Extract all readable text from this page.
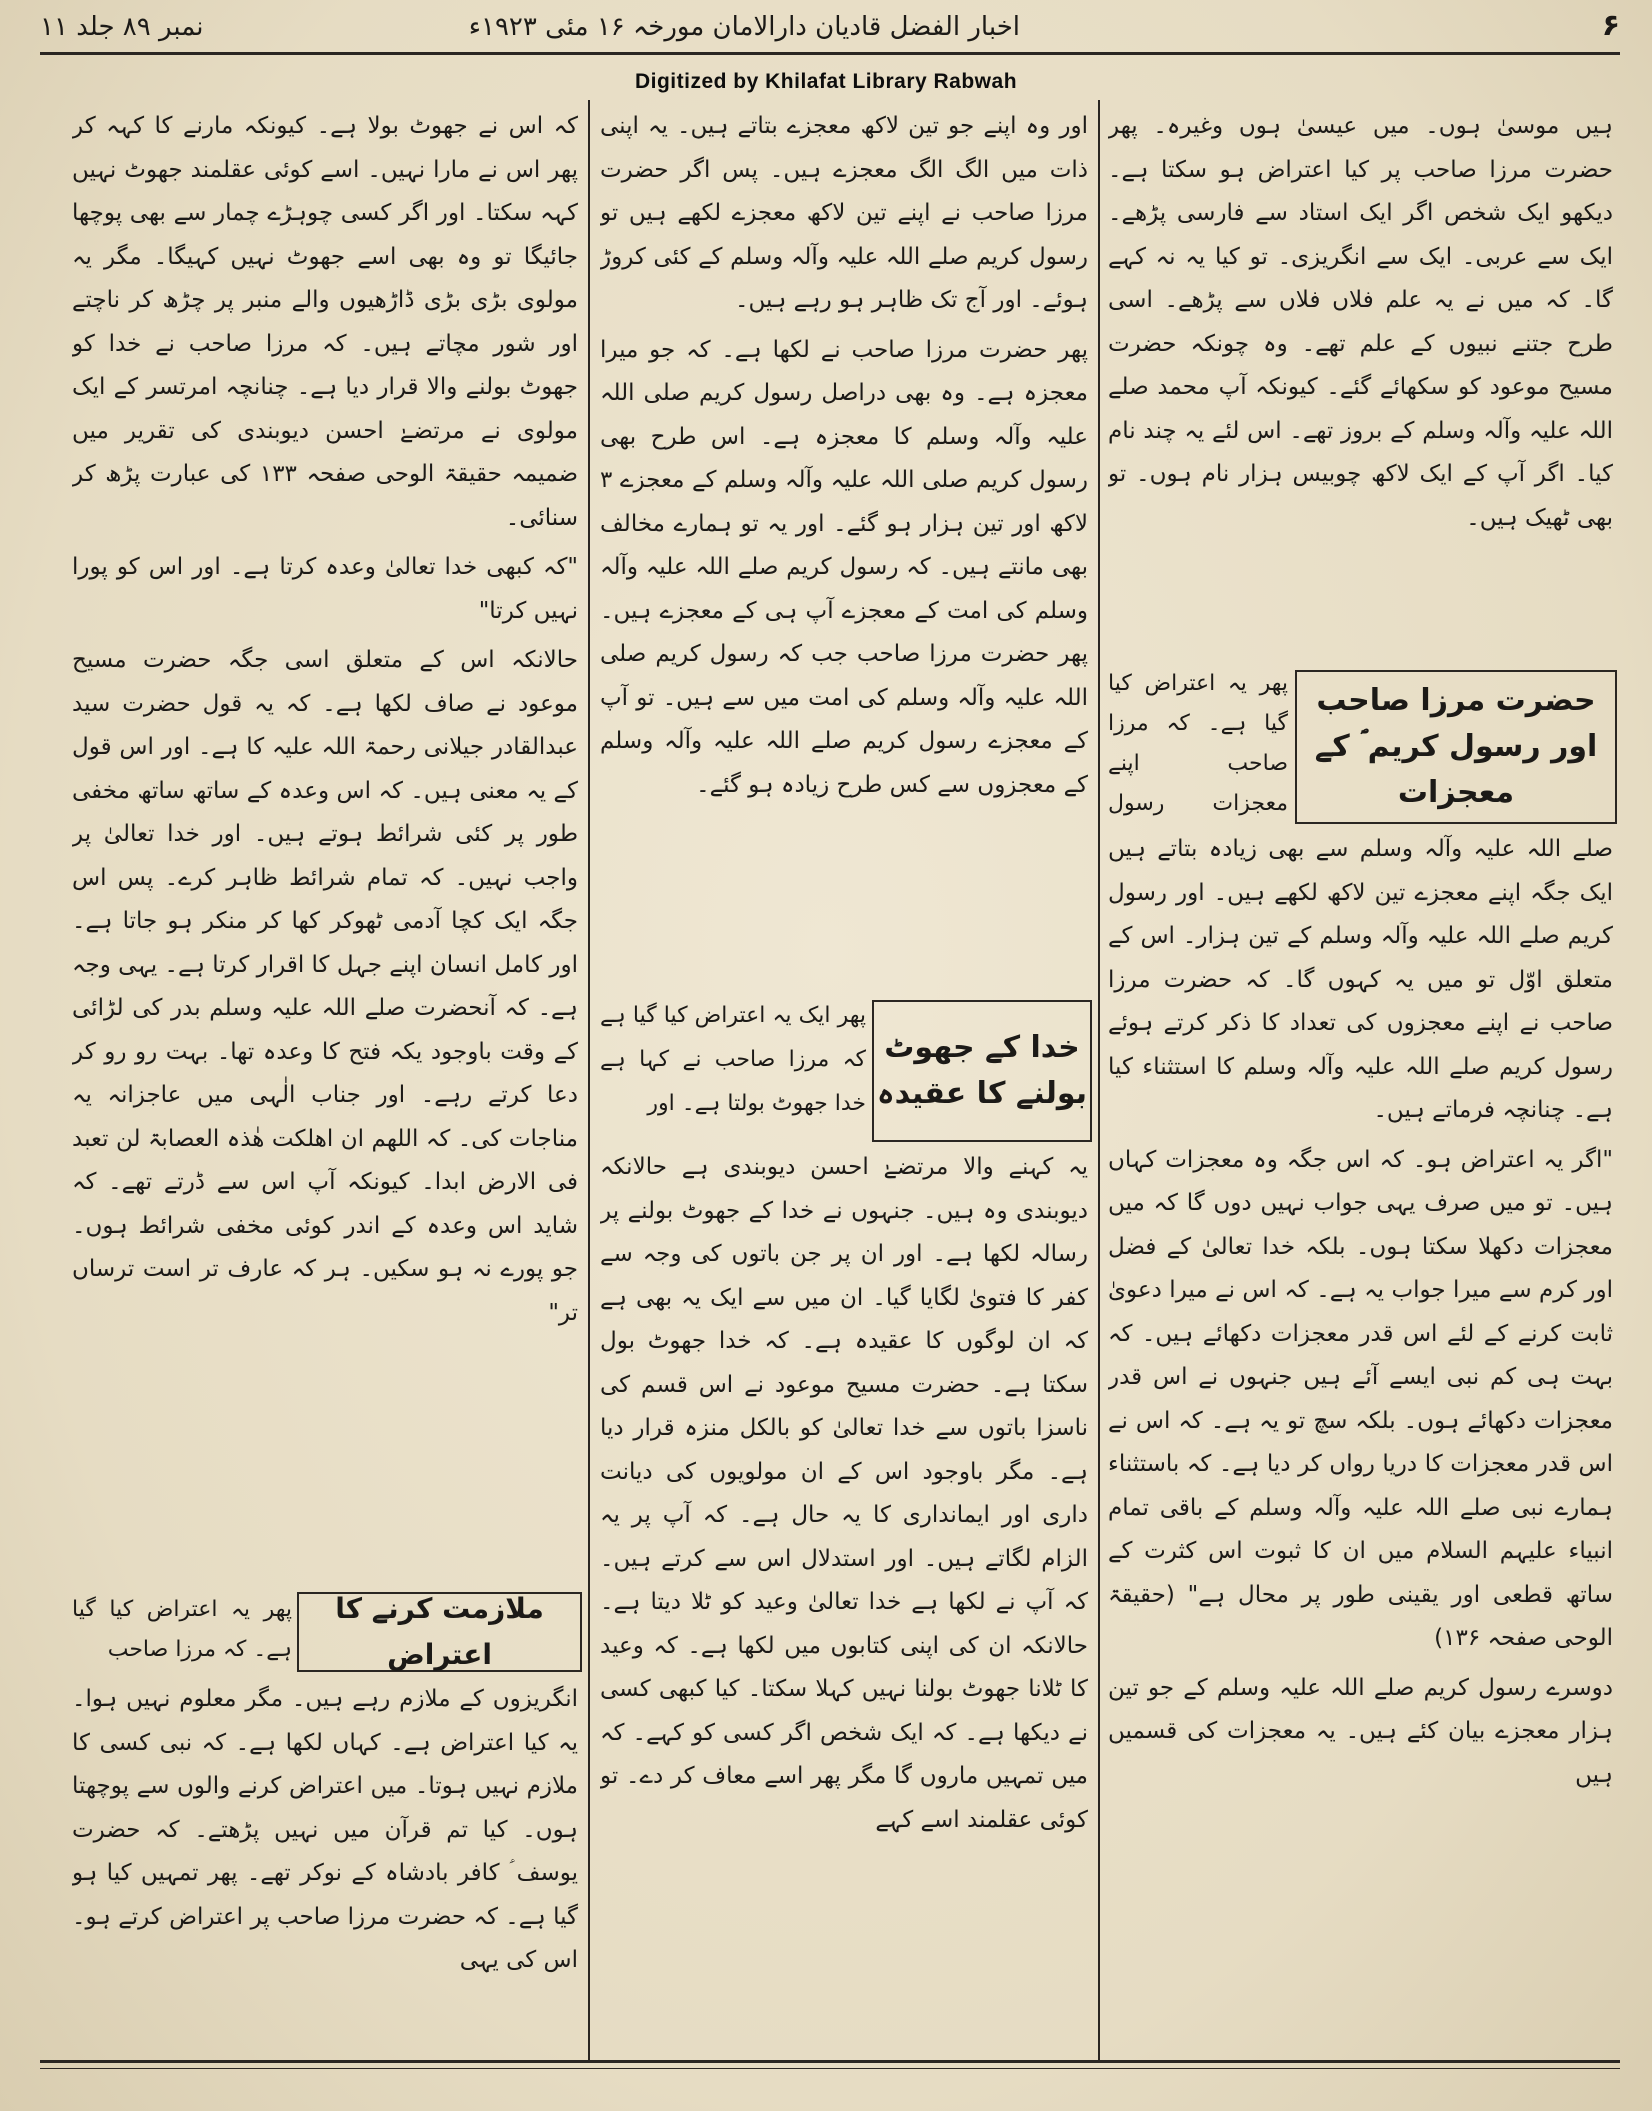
۶
اخبار الفضل قادیان دارالامان مورخہ ۱۶ مئی ۱۹۲۳ء
نمبر ۸۹ جلد ۱۱
Digitized by Khilafat Library Rabwah

ہیں موسیٰ ہوں۔ میں عیسیٰ ہوں وغیرہ۔ پھر حضرت مرزا صاحب پر کیا اعتراض ہو سکتا ہے۔ دیکھو ایک شخص اگر ایک استاد سے فارسی پڑھے۔ ایک سے عربی۔ ایک سے انگریزی۔ تو کیا یہ نہ کہے گا۔ کہ میں نے یہ علم فلاں فلاں سے پڑھے۔ اسی طرح جتنے نبیوں کے علم تھے۔ وہ چونکہ حضرت مسیح موعود کو سکھائے گئے۔ کیونکہ آپ محمد صلے اللہ علیہ وآلہ وسلم کے بروز تھے۔ اس لئے یہ چند نام کیا۔ اگر آپ کے ایک لاکھ چوبیس ہزار نام ہوں۔ تو بھی ٹھیک ہیں۔

حضرت مرزا صاحب اور رسول کریم ؐ کے معجزات

پھر یہ اعتراض کیا گیا ہے۔ کہ مرزا صاحب اپنے معجزات رسول

صلے اللہ علیہ وآلہ وسلم سے بھی زیادہ بتاتے ہیں ایک جگہ اپنے معجزے تین لاکھ لکھے ہیں۔ اور رسول کریم صلے اللہ علیہ وآلہ وسلم کے تین ہزار۔ اس کے متعلق اوّل تو میں یہ کہوں گا۔ کہ حضرت مرزا صاحب نے اپنے معجزوں کی تعداد کا ذکر کرتے ہوئے رسول کریم صلے اللہ علیہ وآلہ وسلم کا استثناء کیا ہے۔ چنانچہ فرماتے ہیں۔

"اگر یہ اعتراض ہو۔ کہ اس جگہ وہ معجزات کہاں ہیں۔ تو میں صرف یہی جواب نہیں دوں گا کہ میں معجزات دکھلا سکتا ہوں۔ بلکہ خدا تعالیٰ کے فضل اور کرم سے میرا جواب یہ ہے۔ کہ اس نے میرا دعویٰ ثابت کرنے کے لئے اس قدر معجزات دکھائے ہیں۔ کہ بہت ہی کم نبی ایسے آئے ہیں جنہوں نے اس قدر معجزات دکھائے ہوں۔ بلکہ سچ تو یہ ہے۔ کہ اس نے اس قدر معجزات کا دریا رواں کر دیا ہے۔ کہ باستثناء ہمارے نبی صلے اللہ علیہ وآلہ وسلم کے باقی تمام انبیاء علیہم السلام میں ان کا ثبوت اس کثرت کے ساتھ قطعی اور یقینی طور پر محال ہے" (حقیقۃ الوحی صفحہ ۱۳۶)

دوسرے رسول کریم صلے اللہ علیہ وسلم کے جو تین ہزار معجزے بیان کئے ہیں۔ یہ معجزات کی قسمیں ہیں

اور وہ اپنے جو تین لاکھ معجزے بتاتے ہیں۔ یہ اپنی ذات میں الگ الگ معجزے ہیں۔ پس اگر حضرت مرزا صاحب نے اپنے تین لاکھ معجزے لکھے ہیں تو رسول کریم صلے اللہ علیہ وآلہ وسلم کے کئی کروڑ ہوئے۔ اور آج تک ظاہر ہو رہے ہیں۔

پھر حضرت مرزا صاحب نے لکھا ہے۔ کہ جو میرا معجزہ ہے۔ وہ بھی دراصل رسول کریم صلی اللہ علیہ وآلہ وسلم کا معجزہ ہے۔ اس طرح بھی رسول کریم صلی اللہ علیہ وآلہ وسلم کے معجزے ۳ لاکھ اور تین ہزار ہو گئے۔ اور یہ تو ہمارے مخالف بھی مانتے ہیں۔ کہ رسول کریم صلے اللہ علیہ وآلہ وسلم کی امت کے معجزے آپ ہی کے معجزے ہیں۔ پھر حضرت مرزا صاحب جب کہ رسول کریم صلی اللہ علیہ وآلہ وسلم کی امت میں سے ہیں۔ تو آپ کے معجزے رسول کریم صلے اللہ علیہ وآلہ وسلم کے معجزوں سے کس طرح زیادہ ہو گئے۔

خدا کے جھوٹ بولنے کا عقیدہ

پھر ایک یہ اعتراض کیا گیا ہے کہ مرزا صاحب نے کہا ہے خدا جھوٹ بولتا ہے۔ اور

یہ کہنے والا مرتضےٰ احسن دیوبندی ہے حالانکہ دیوبندی وہ ہیں۔ جنہوں نے خدا کے جھوٹ بولنے پر رسالہ لکھا ہے۔ اور ان پر جن باتوں کی وجہ سے کفر کا فتویٰ لگایا گیا۔ ان میں سے ایک یہ بھی ہے کہ ان لوگوں کا عقیدہ ہے۔ کہ خدا جھوٹ بول سکتا ہے۔ حضرت مسیح موعود نے اس قسم کی ناسزا باتوں سے خدا تعالیٰ کو بالکل منزہ قرار دیا ہے۔ مگر باوجود اس کے ان مولویوں کی دیانت داری اور ایمانداری کا یہ حال ہے۔ کہ آپ پر یہ الزام لگاتے ہیں۔ اور استدلال اس سے کرتے ہیں۔ کہ آپ نے لکھا ہے خدا تعالیٰ وعید کو ٹلا دیتا ہے۔ حالانکہ ان کی اپنی کتابوں میں لکھا ہے۔ کہ وعید کا ٹلانا جھوٹ بولنا نہیں کہلا سکتا۔ کیا کبھی کسی نے دیکھا ہے۔ کہ ایک شخص اگر کسی کو کہے۔ کہ میں تمہیں ماروں گا مگر پھر اسے معاف کر دے۔ تو کوئی عقلمند اسے کہے

کہ اس نے جھوٹ بولا ہے۔ کیونکہ مارنے کا کہہ کر پھر اس نے مارا نہیں۔ اسے کوئی عقلمند جھوٹ نہیں کہہ سکتا۔ اور اگر کسی چوہڑے چمار سے بھی پوچھا جائیگا تو وہ بھی اسے جھوٹ نہیں کہیگا۔ مگر یہ مولوی بڑی بڑی ڈاڑھیوں والے منبر پر چڑھ کر ناچتے اور شور مچاتے ہیں۔ کہ مرزا صاحب نے خدا کو جھوٹ بولنے والا قرار دیا ہے۔ چنانچہ امرتسر کے ایک مولوی نے مرتضےٰ احسن دیوبندی کی تقریر میں ضمیمہ حقیقۃ الوحی صفحہ ۱۳۳ کی عبارت پڑھ کر سنائی۔

"کہ کبھی خدا تعالیٰ وعدہ کرتا ہے۔ اور اس کو پورا نہیں کرتا"

حالانکہ اس کے متعلق اسی جگہ حضرت مسیح موعود نے صاف لکھا ہے۔ کہ یہ قول حضرت سید عبدالقادر جیلانی رحمۃ اللہ علیہ کا ہے۔ اور اس قول کے یہ معنی ہیں۔ کہ اس وعدہ کے ساتھ ساتھ مخفی طور پر کئی شرائط ہوتے ہیں۔ اور خدا تعالیٰ پر واجب نہیں۔ کہ تمام شرائط ظاہر کرے۔ پس اس جگہ ایک کچا آدمی ٹھوکر کھا کر منکر ہو جاتا ہے۔ اور کامل انسان اپنے جہل کا اقرار کرتا ہے۔ یہی وجہ ہے۔ کہ آنحضرت صلے اللہ علیہ وسلم بدر کی لڑائی کے وقت باوجود یکہ فتح کا وعدہ تھا۔ بہت رو رو کر دعا کرتے رہے۔ اور جناب الٰہی میں عاجزانہ یہ مناجات کی۔ کہ اللھم ان اھلکت ھٰذہ العصابۃ لن تعبد فی الارض ابدا۔ کیونکہ آپ اس سے ڈرتے تھے۔ کہ شاید اس وعدہ کے اندر کوئی مخفی شرائط ہوں۔ جو پورے نہ ہو سکیں۔ ہر کہ عارف تر است ترساں تر"

ملازمت کرنے کا اعتراض

پھر یہ اعتراض کیا گیا ہے۔ کہ مرزا صاحب

انگریزوں کے ملازم رہے ہیں۔ مگر معلوم نہیں ہوا۔ یہ کیا اعتراض ہے۔ کہاں لکھا ہے۔ کہ نبی کسی کا ملازم نہیں ہوتا۔ میں اعتراض کرنے والوں سے پوچھتا ہوں۔ کیا تم قرآن میں نہیں پڑھتے۔ کہ حضرت یوسف ؑ کافر بادشاہ کے نوکر تھے۔ پھر تمہیں کیا ہو گیا ہے۔ کہ حضرت مرزا صاحب پر اعتراض کرتے ہو۔ اس کی یہی
